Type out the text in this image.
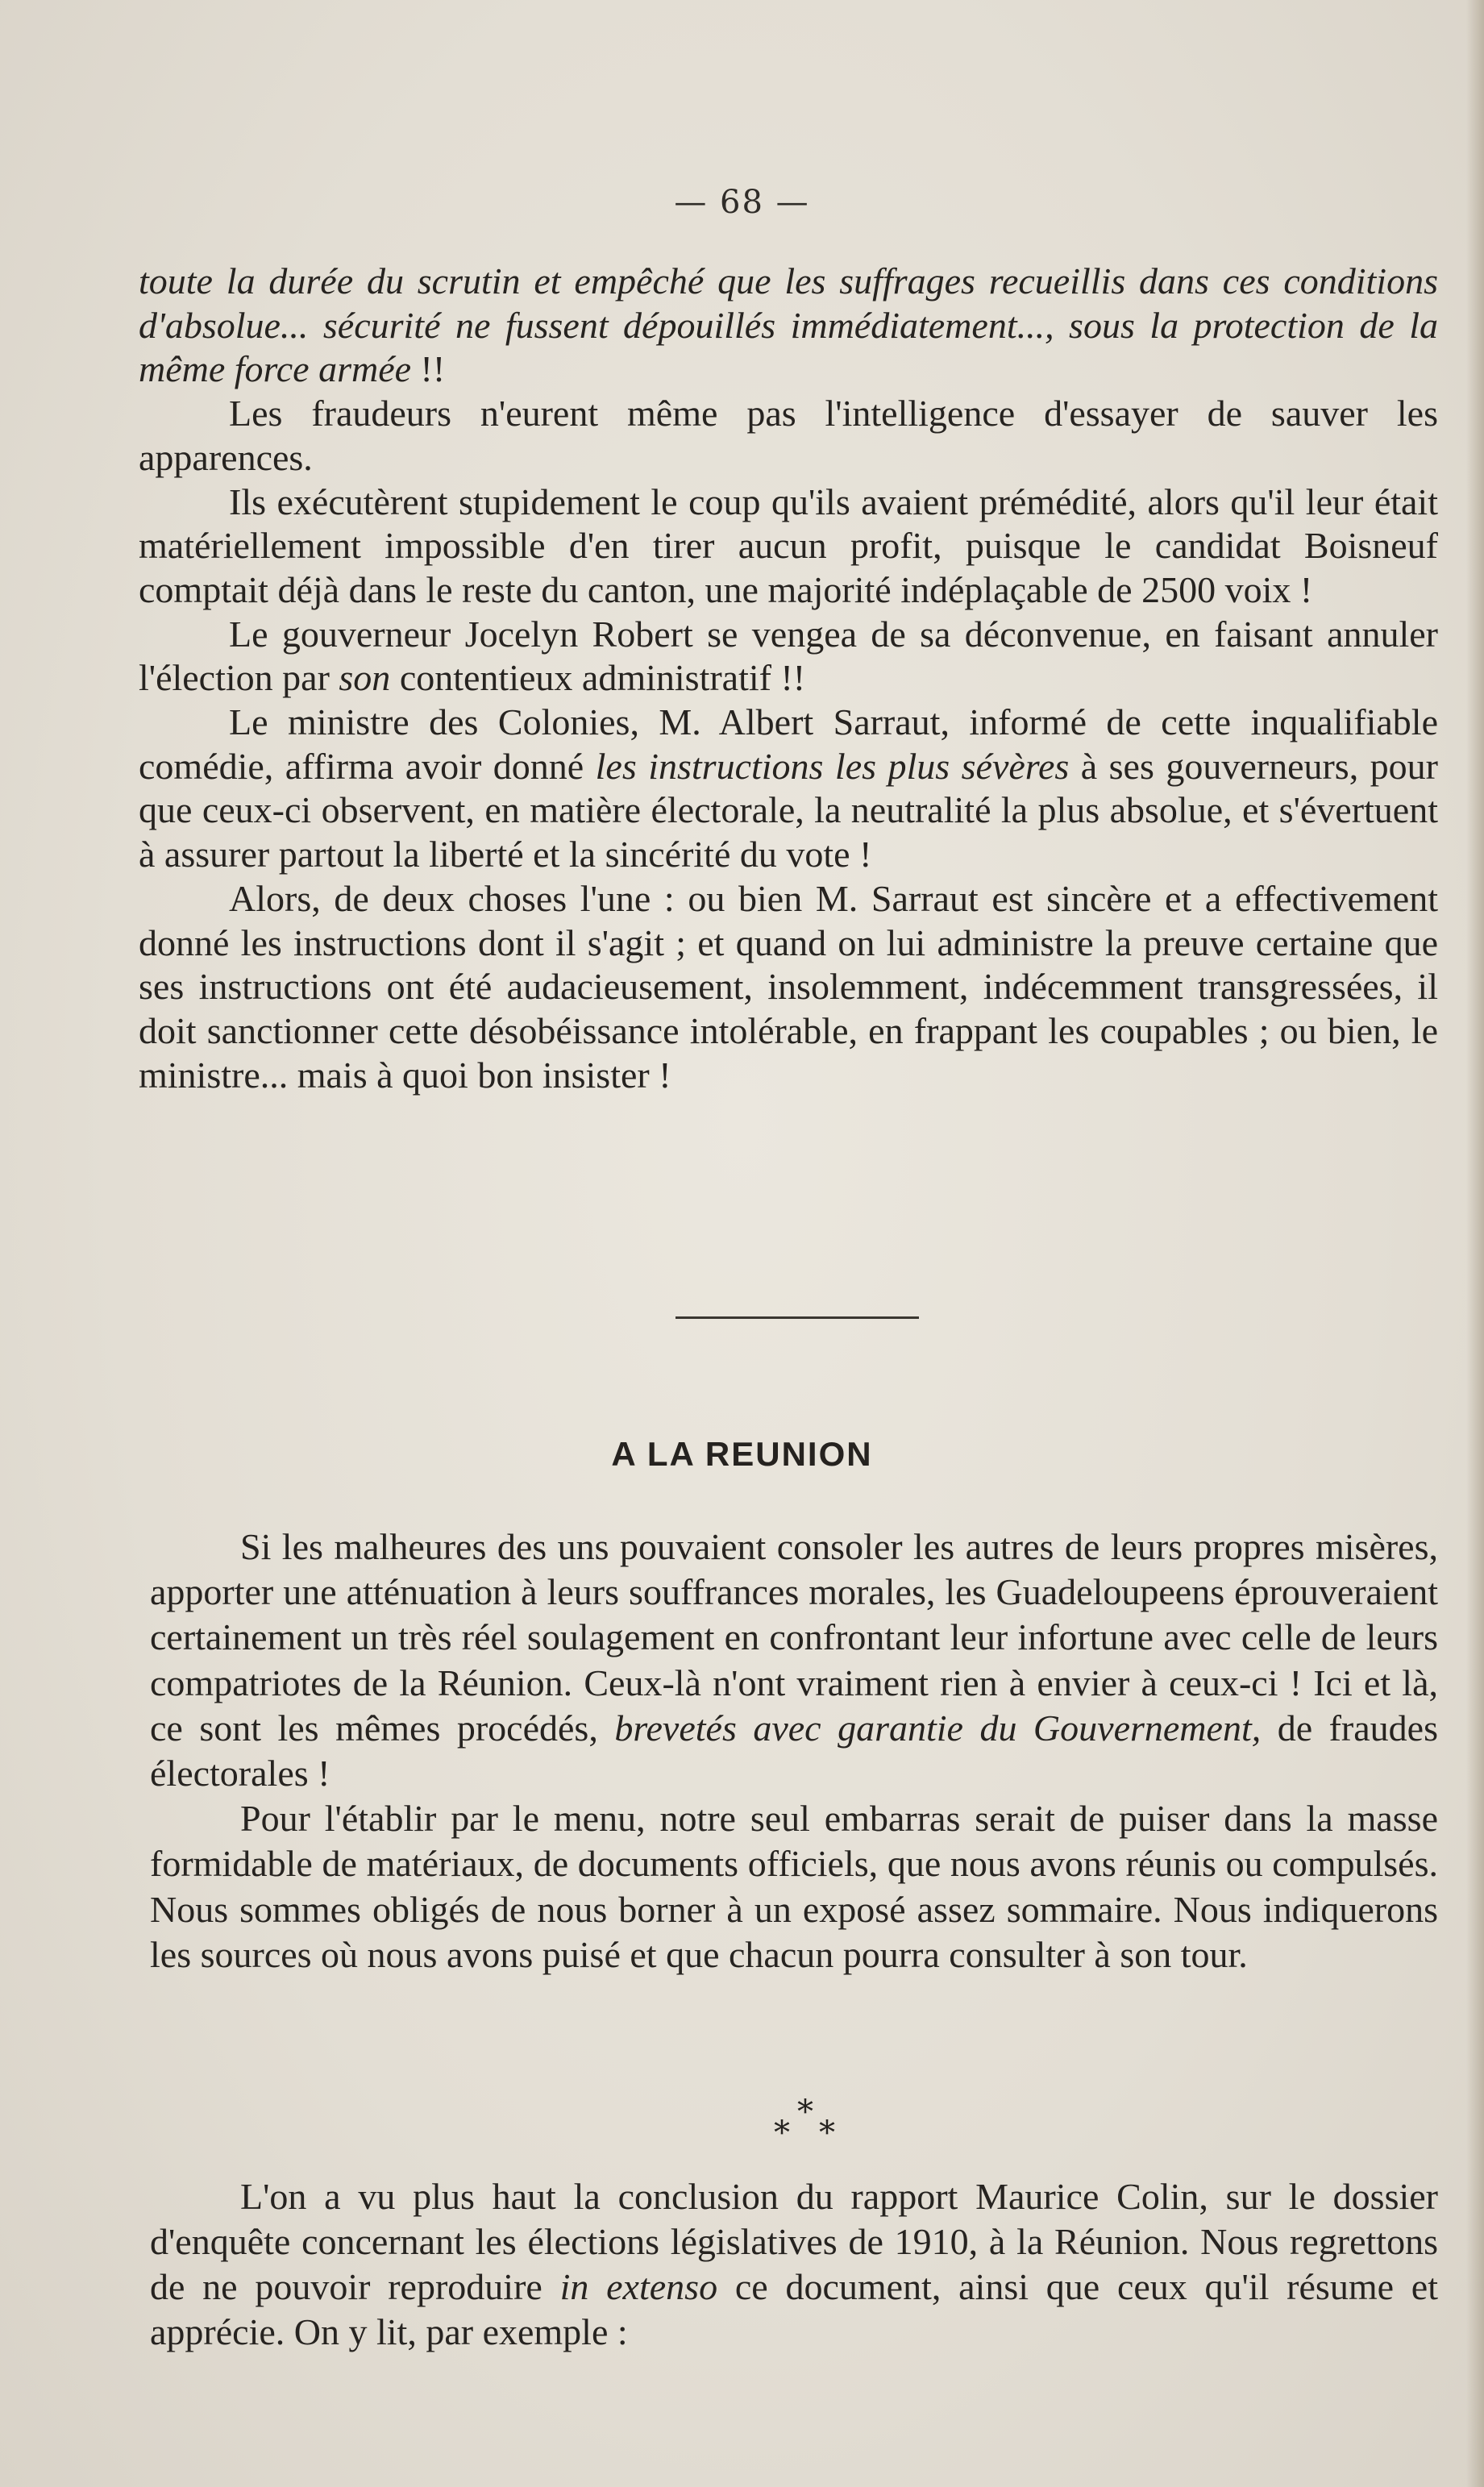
— 68 —

toute la durée du scrutin et empêché que les suffrages recueillis dans ces conditions d'absolue... sécurité ne fussent dépouillés immédiatement..., sous la protection de la même force armée !!

Les fraudeurs n'eurent même pas l'intelligence d'essayer de sauver les apparences.

Ils exécutèrent stupidement le coup qu'ils avaient prémédité, alors qu'il leur était matériellement impossible d'en tirer aucun profit, puisque le candidat Boisneuf comptait déjà dans le reste du canton, une majorité indéplaçable de 2500 voix !

Le gouverneur Jocelyn Robert se vengea de sa déconvenue, en faisant annuler l'élection par son contentieux administratif !!

Le ministre des Colonies, M. Albert Sarraut, informé de cette inqualifiable comédie, affirma avoir donné les instructions les plus sévères à ses gouverneurs, pour que ceux-ci observent, en matière électorale, la neutralité la plus absolue, et s'évertuent à assurer partout la liberté et la sincérité du vote !

Alors, de deux choses l'une : ou bien M. Sarraut est sincère et a effectivement donné les instructions dont il s'agit ; et quand on lui administre la preuve certaine que ses instructions ont été audacieusement, insolemment, indécemment transgressées, il doit sanctionner cette désobéissance intolérable, en frappant les coupables ; ou bien, le ministre... mais à quoi bon insister !

A LA REUNION

Si les malheures des uns pouvaient consoler les autres de leurs propres misères, apporter une atténuation à leurs souffrances morales, les Guadeloupeens éprouveraient certainement un très réel soulagement en confrontant leur infortune avec celle de leurs compatriotes de la Réunion. Ceux-là n'ont vraiment rien à envier à ceux-ci ! Ici et là, ce sont les mêmes procédés, brevetés avec garantie du Gouvernement, de fraudes électorales !

Pour l'établir par le menu, notre seul embarras serait de puiser dans la masse formidable de matériaux, de documents officiels, que nous avons réunis ou compulsés. Nous sommes obligés de nous borner à un exposé assez sommaire. Nous indiquerons les sources où nous avons puisé et que chacun pourra consulter à son tour.

*
* *

L'on a vu plus haut la conclusion du rapport Maurice Colin, sur le dossier d'enquête concernant les élections législatives de 1910, à la Réunion. Nous regrettons de ne pouvoir reproduire in extenso ce document, ainsi que ceux qu'il résume et apprécie. On y lit, par exemple :
